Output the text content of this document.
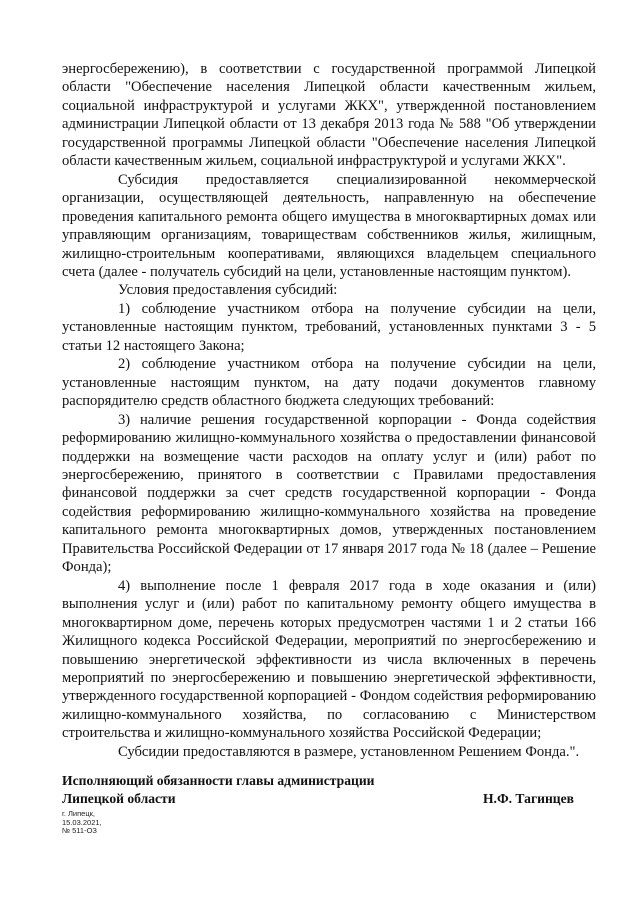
энергосбережению), в соответствии с государственной программой Липецкой области "Обеспечение населения Липецкой области качественным жильем, социальной инфраструктурой и услугами ЖКХ", утвержденной постановлением администрации Липецкой области от 13 декабря 2013 года № 588 "Об утверждении государственной программы Липецкой области "Обеспечение населения Липецкой области качественным жильем, социальной инфраструктурой и услугами ЖКХ".

Субсидия предоставляется специализированной некоммерческой организации, осуществляющей деятельность, направленную на обеспечение проведения капитального ремонта общего имущества в многоквартирных домах или управляющим организациям, товариществам собственников жилья, жилищным, жилищно-строительным кооперативами, являющихся владельцем специального счета (далее - получатель субсидий на цели, установленные настоящим пунктом).

Условия предоставления субсидий:

1) соблюдение участником отбора на получение субсидии на цели, установленные настоящим пунктом, требований, установленных пунктами 3 - 5 статьи 12 настоящего Закона;

2) соблюдение участником отбора на получение субсидии на цели, установленные настоящим пунктом, на дату подачи документов главному распорядителю средств областного бюджета следующих требований:

3) наличие решения государственной корпорации - Фонда содействия реформированию жилищно-коммунального хозяйства о предоставлении финансовой поддержки на возмещение части расходов на оплату услуг и (или) работ по энергосбережению, принятого в соответствии с Правилами предоставления финансовой поддержки за счет средств государственной корпорации - Фонда содействия реформированию жилищно-коммунального хозяйства на проведение капитального ремонта многоквартирных домов, утвержденных постановлением Правительства Российской Федерации от 17 января 2017 года № 18 (далее – Решение Фонда);

4) выполнение после 1 февраля 2017 года в ходе оказания и (или) выполнения услуг и (или) работ по капитальному ремонту общего имущества в многоквартирном доме, перечень которых предусмотрен частями 1 и 2 статьи 166 Жилищного кодекса Российской Федерации, мероприятий по энергосбережению и повышению энергетической эффективности из числа включенных в перечень мероприятий по энергосбережению и повышению энергетической эффективности, утвержденного государственной корпорацией - Фондом содействия реформированию жилищно-коммунального хозяйства, по согласованию с Министерством строительства и жилищно-коммунального хозяйства Российской Федерации;

Субсидии предоставляются в размере, установленном Решением Фонда.".

Исполняющий обязанности главы администрации
Липецкой области	Н.Ф. Тагинцев
г. Липецк,
15.03.2021,
№ 511-ОЗ
